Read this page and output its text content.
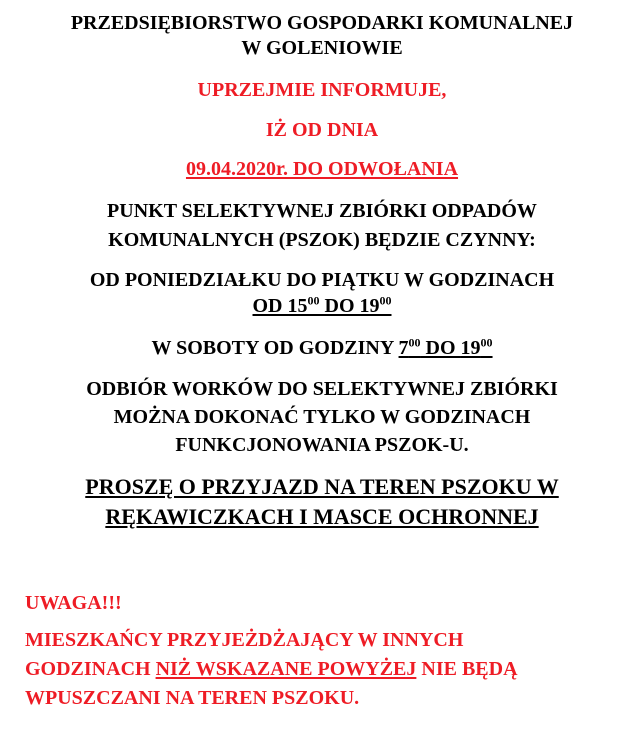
PRZEDSIĘBIORSTWO GOSPODARKI KOMUNALNEJ
W GOLENIOWIE
UPRZEJMIE INFORMUJE,
IŻ OD DNIA
09.04.2020r. DO ODWOŁANIA
PUNKT SELEKTYWNEJ ZBIÓRKI ODPADÓW
KOMUNALNYCH (PSZOK) BĘDZIE CZYNNY:
OD PONIEDZIAŁKU DO PIĄTKU W GODZINACH
OD $15^{00}$ DO $19^{00}$
W SOBOTY OD GODZINY $7^{00}$ DO $19^{00}$
ODBIÓR WORKÓW DO SELEKTYWNEJ ZBIÓRKI
MOŻNA DOKONAĆ TYLKO W GODZINACH
FUNKCJONOWANIA PSZOK-U.
PROSZĘ O PRZYJAZD NA TEREN PSZOKU W
RĘKAWICZKACH I MASCE OCHRONNEJ
UWAGA!!!
MIESZKAŃCY PRZYJEŻDŻAJĄCY W INNYCH
GODZINACH NIŻ WSKAZANE POWYŻEJ NIE BĘDĄ
WPUSZCZANI NA TEREN PSZOKU.
